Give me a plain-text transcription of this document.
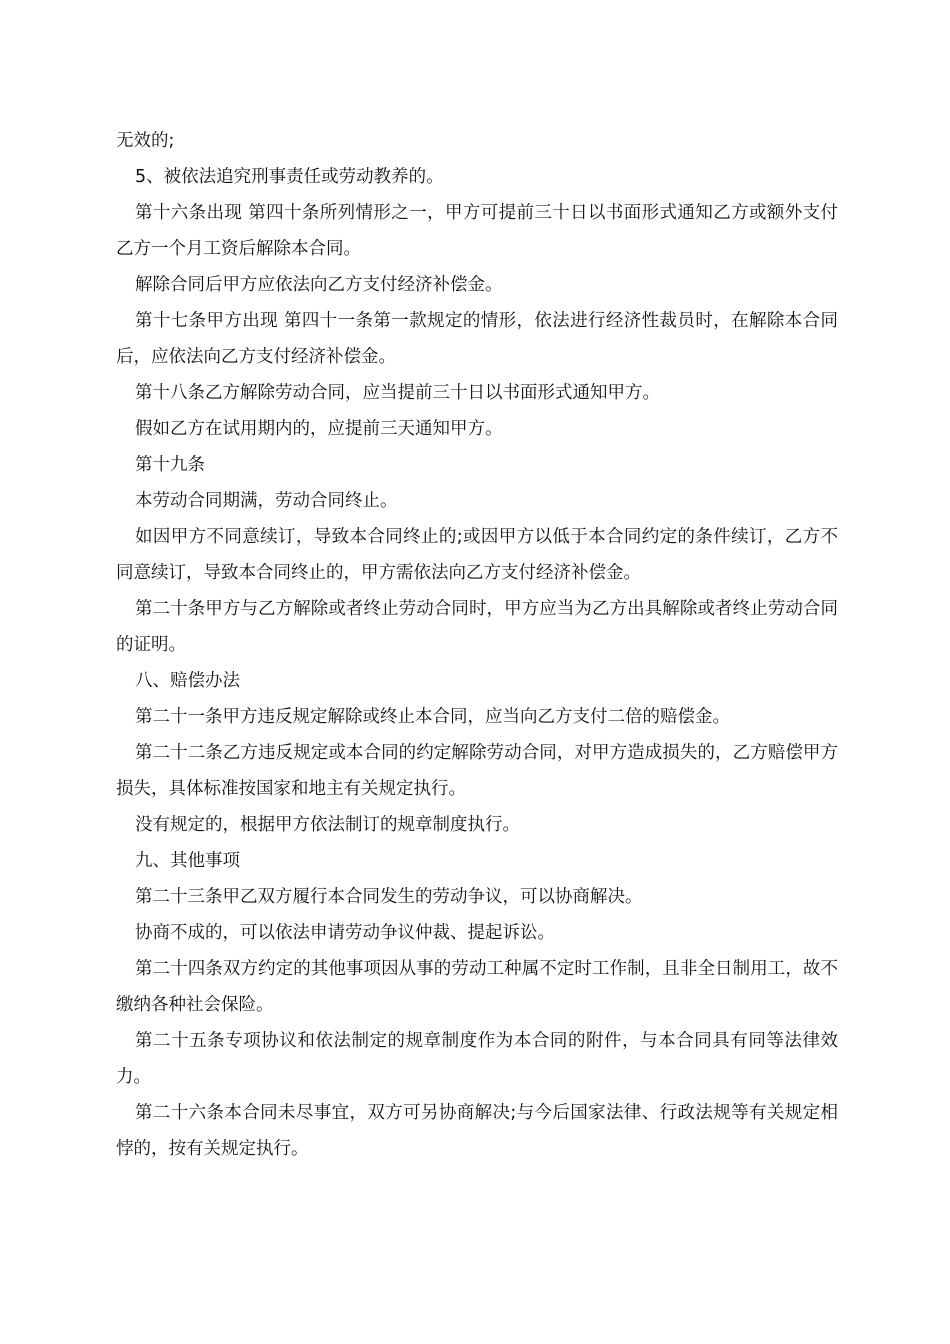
无效的;

5、被依法追究刑事责任或劳动教养的。

第十六条出现 第四十条所列情形之一，甲方可提前三十日以书面形式通知乙方或额外支付乙方一个月工资后解除本合同。

解除合同后甲方应依法向乙方支付经济补偿金。

第十七条甲方出现 第四十一条第一款规定的情形，依法进行经济性裁员时，在解除本合同后，应依法向乙方支付经济补偿金。

第十八条乙方解除劳动合同，应当提前三十日以书面形式通知甲方。

假如乙方在试用期内的，应提前三天通知甲方。

第十九条

本劳动合同期满，劳动合同终止。

如因甲方不同意续订，导致本合同终止的;或因甲方以低于本合同约定的条件续订，乙方不同意续订，导致本合同终止的，甲方需依法向乙方支付经济补偿金。

第二十条甲方与乙方解除或者终止劳动合同时，甲方应当为乙方出具解除或者终止劳动合同的证明。

八、赔偿办法

第二十一条甲方违反规定解除或终止本合同，应当向乙方支付二倍的赔偿金。

第二十二条乙方违反规定或本合同的约定解除劳动合同，对甲方造成损失的，乙方赔偿甲方损失，具体标准按国家和地主有关规定执行。

没有规定的，根据甲方依法制订的规章制度执行。

九、其他事项

第二十三条甲乙双方履行本合同发生的劳动争议，可以协商解决。

协商不成的，可以依法申请劳动争议仲裁、提起诉讼。

第二十四条双方约定的其他事项因从事的劳动工种属不定时工作制，且非全日制用工，故不缴纳各种社会保险。

第二十五条专项协议和依法制定的规章制度作为本合同的附件，与本合同具有同等法律效力。

第二十六条本合同未尽事宜，双方可另协商解决;与今后国家法律、行政法规等有关规定相悖的，按有关规定执行。
